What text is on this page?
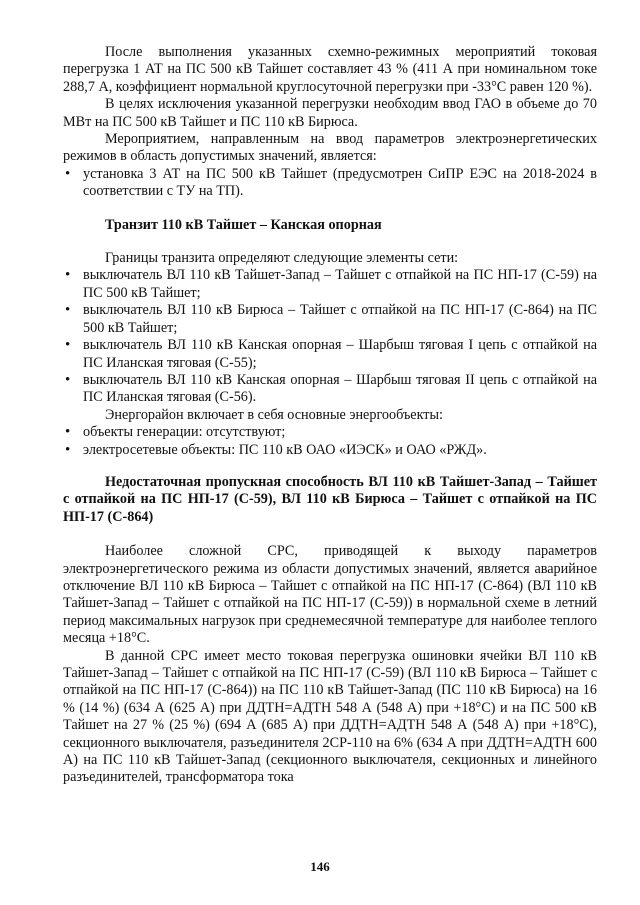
После выполнения указанных схемно-режимных мероприятий токовая перегрузка 1 АТ на ПС 500 кВ Тайшет составляет 43 % (411 А при номинальном токе 288,7 А, коэффициент нормальной круглосуточной перегрузки при -33°С равен 120 %).

В целях исключения указанной перегрузки необходим ввод ГАО в объеме до 70 МВт на ПС 500 кВ Тайшет и ПС 110 кВ Бирюса.

Мероприятием, направленным на ввод параметров электроэнергетических режимов в область допустимых значений, является:

• установка 3 АТ на ПС 500 кВ Тайшет (предусмотрен СиПР ЕЭС на 2018-2024 в соответствии с ТУ на ТП).
Транзит 110 кВ Тайшет – Канская опорная

Границы транзита определяют следующие элементы сети:

• выключатель ВЛ 110 кВ Тайшет-Запад – Тайшет с отпайкой на ПС НП-17 (С-59) на ПС 500 кВ Тайшет;
• выключатель ВЛ 110 кВ Бирюса – Тайшет с отпайкой на ПС НП-17 (С-864) на ПС 500 кВ Тайшет;
• выключатель ВЛ 110 кВ Канская опорная – Шарбыш тяговая I цепь с отпайкой на ПС Иланская тяговая (С-55);
• выключатель ВЛ 110 кВ Канская опорная – Шарбыш тяговая II цепь с отпайкой на ПС Иланская тяговая (С-56).

Энергорайон включает в себя основные энергообъекты:

• объекты генерации: отсутствуют;
• электросетевые объекты: ПС 110 кВ ОАО «ИЭСК» и ОАО «РЖД».
Недостаточная пропускная способность ВЛ 110 кВ Тайшет-Запад – Тайшет с отпайкой на ПС НП-17 (С-59), ВЛ 110 кВ Бирюса – Тайшет с отпайкой на ПС НП-17 (С-864)

Наиболее сложной СРС, приводящей к выходу параметров электроэнергетического режима из области допустимых значений, является аварийное отключение ВЛ 110 кВ Бирюса – Тайшет с отпайкой на ПС НП-17 (С-864) (ВЛ 110 кВ Тайшет-Запад – Тайшет с отпайкой на ПС НП-17 (С-59)) в нормальной схеме в летний период максимальных нагрузок при среднемесячной температуре для наиболее теплого месяца +18°С.

В данной СРС имеет место токовая перегрузка ошиновки ячейки ВЛ 110 кВ Тайшет-Запад – Тайшет с отпайкой на ПС НП-17 (С-59) (ВЛ 110 кВ Бирюса – Тайшет с отпайкой на ПС НП-17 (С-864)) на ПС 110 кВ Тайшет-Запад (ПС 110 кВ Бирюса) на 16 % (14 %) (634 А (625 А) при ДДТН=АДТН 548 А (548 А) при +18°С) и на ПС 500 кВ Тайшет на 27 % (25 %) (694 А (685 А) при ДДТН=АДТН 548 А (548 А) при +18°С), секционного выключателя, разъединителя 2СР-110 на 6% (634 А при ДДТН=АДТН 600 А) на ПС 110 кВ Тайшет-Запад (секционного выключателя, секционных и линейного разъединителей, трансформатора тока

146
